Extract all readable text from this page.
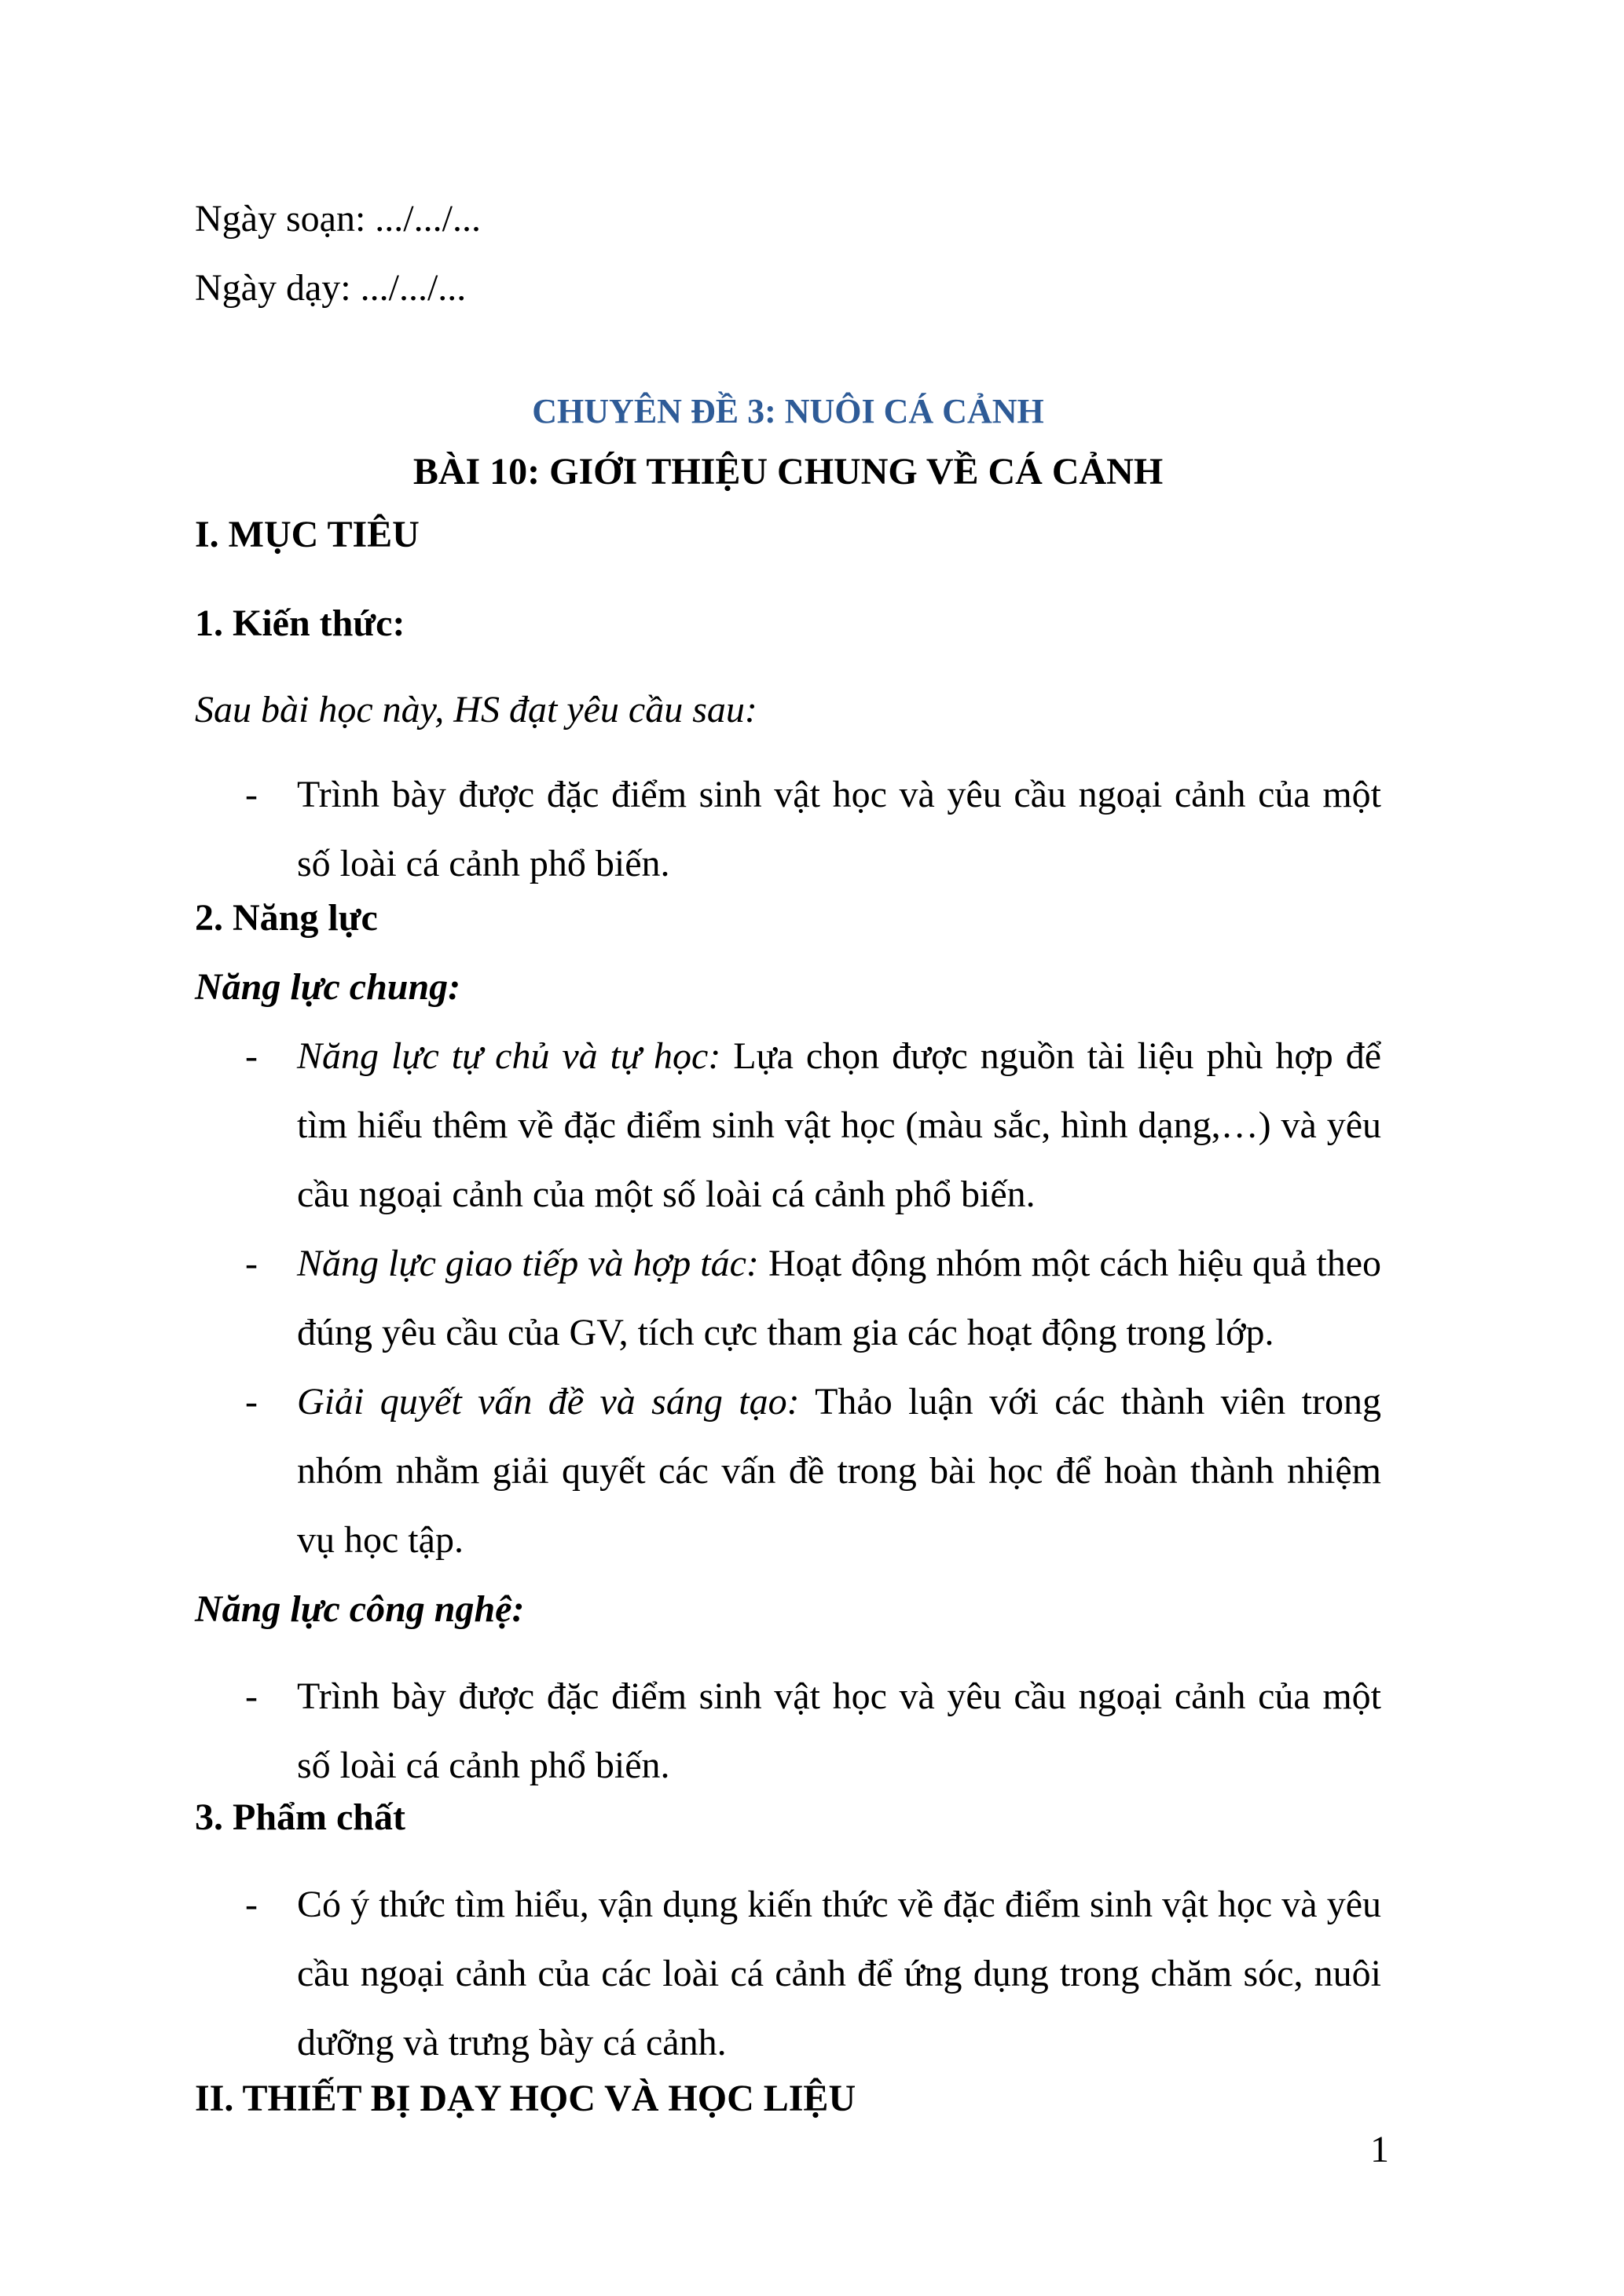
Ngày soạn: .../.../...

Ngày dạy: .../.../...

CHUYÊN ĐỀ 3: NUÔI CÁ CẢNH

BÀI 10: GIỚI THIỆU CHUNG VỀ CÁ CẢNH

I. MỤC TIÊU

1. Kiến thức:

Sau bài học này, HS đạt yêu cầu sau:

- Trình bày được đặc điểm sinh vật học và yêu cầu ngoại cảnh của một số loài cá cảnh phổ biến.

2. Năng lực

Năng lực chung:

- Năng lực tự chủ và tự học: Lựa chọn được nguồn tài liệu phù hợp để tìm hiểu thêm về đặc điểm sinh vật học (màu sắc, hình dạng,…) và yêu cầu ngoại cảnh của một số loài cá cảnh phổ biến.

- Năng lực giao tiếp và hợp tác: Hoạt động nhóm một cách hiệu quả theo đúng yêu cầu của GV, tích cực tham gia các hoạt động trong lớp.

- Giải quyết vấn đề và sáng tạo: Thảo luận với các thành viên trong nhóm nhằm giải quyết các vấn đề trong bài học để hoàn thành nhiệm vụ học tập.

Năng lực công nghệ:

- Trình bày được đặc điểm sinh vật học và yêu cầu ngoại cảnh của một số loài cá cảnh phổ biến.

3. Phẩm chất

- Có ý thức tìm hiểu, vận dụng kiến thức về đặc điểm sinh vật học và yêu cầu ngoại cảnh của các loài cá cảnh để ứng dụng trong chăm sóc, nuôi dưỡng và trưng bày cá cảnh.

II. THIẾT BỊ DẠY HỌC VÀ HỌC LIỆU

1
